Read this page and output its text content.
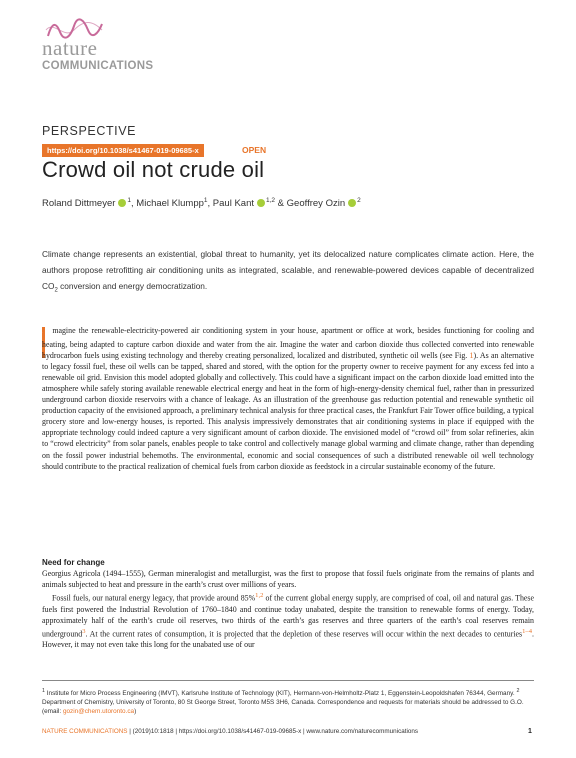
nature
COMMUNICATIONS
PERSPECTIVE
https://doi.org/10.1038/s41467-019-09685-x	OPEN
Crowd oil not crude oil
Roland Dittmeyer $^1$, Michael Klumpp$^1$, Paul Kant $^{1,2}$ & Geoffrey Ozin $^2$
Climate change represents an existential, global threat to humanity, yet its delocalized nature complicates climate action. Here, the authors propose retrofitting air conditioning units as integrated, scalable, and renewable-powered devices capable of decentralized $CO_2$ conversion and energy democratization.
I magine the renewable-electricity-powered air conditioning system in your house, apartment or office at work, besides functioning for cooling and heating, being adapted to capture carbon dioxide and water from the air. Imagine the water and carbon dioxide thus collected converted into renewable hydrocarbon fuels using existing technology and thereby creating personalized, localized and distributed, synthetic oil wells (see Fig. 1). As an alternative to legacy fossil fuel, these oil wells can be tapped, shared and stored, with the option for the property owner to receive payment for any excess fed into a renewable oil grid. Envision this model adopted globally and collectively. This could have a significant impact on the carbon dioxide load emitted into the atmosphere while safely storing available renewable electrical energy and heat in the form of high-energy-density chemical fuel, rather than in pressurized underground carbon dioxide reservoirs with a chance of leakage. As an illustration of the greenhouse gas reduction potential and renewable synthetic oil production capacity of the envisioned approach, a preliminary technical analysis for three practical cases, the Frankfurt Fair Tower office building, a typical grocery store and low-energy houses, is reported. This analysis impressively demonstrates that air conditioning systems in place if equipped with the appropriate technology could indeed capture a very significant amount of carbon dioxide. The envisioned model of “crowd oil” from solar refineries, akin to “crowd electricity” from solar panels, enables people to take control and collectively manage global warming and climate change, rather than depending on the fossil power industrial behemoths. The environmental, economic and social consequences of such a distributed renewable oil well technology should contribute to the practical realization of chemical fuels from carbon dioxide as feedstock in a circular sustainable economy of the future.
Need for change

Georgius Agricola (1494–1555), German mineralogist and metallurgist, was the first to propose that fossil fuels originate from the remains of plants and animals subjected to heat and pressure in the earth’s crust over millions of years.

Fossil fuels, our natural energy legacy, that provide around 85%$^{1,2}$ of the current global energy supply, are comprised of coal, oil and natural gas. These fuels first powered the Industrial Revolution of 1760–1840 and continue today unabated, despite the transition to renewable forms of energy. Today, approximately half of the earth’s crude oil reserves, two thirds of the earth’s gas reserves and three quarters of the earth’s coal reserves remain underground$^3$. At the current rates of consumption, it is projected that the depletion of these reserves will occur within the next decades to centuries$^{1-4}$. However, it may not even take this long for the unabated use of our

$^1$ Institute for Micro Process Engineering (IMVT), Karlsruhe Institute of Technology (KIT), Hermann-von-Helmholtz-Platz 1, Eggenstein-Leopoldshafen 76344, Germany. $^2$ Department of Chemistry, University of Toronto, 80 St George Street, Toronto M5S 3H6, Canada. Correspondence and requests for materials should be addressed to G.O. (email: gozin@chem.utoronto.ca)
NATURE COMMUNICATIONS | (2019)10:1818 | https://doi.org/10.1038/s41467-019-09685-x | www.nature.com/naturecommunications	1
